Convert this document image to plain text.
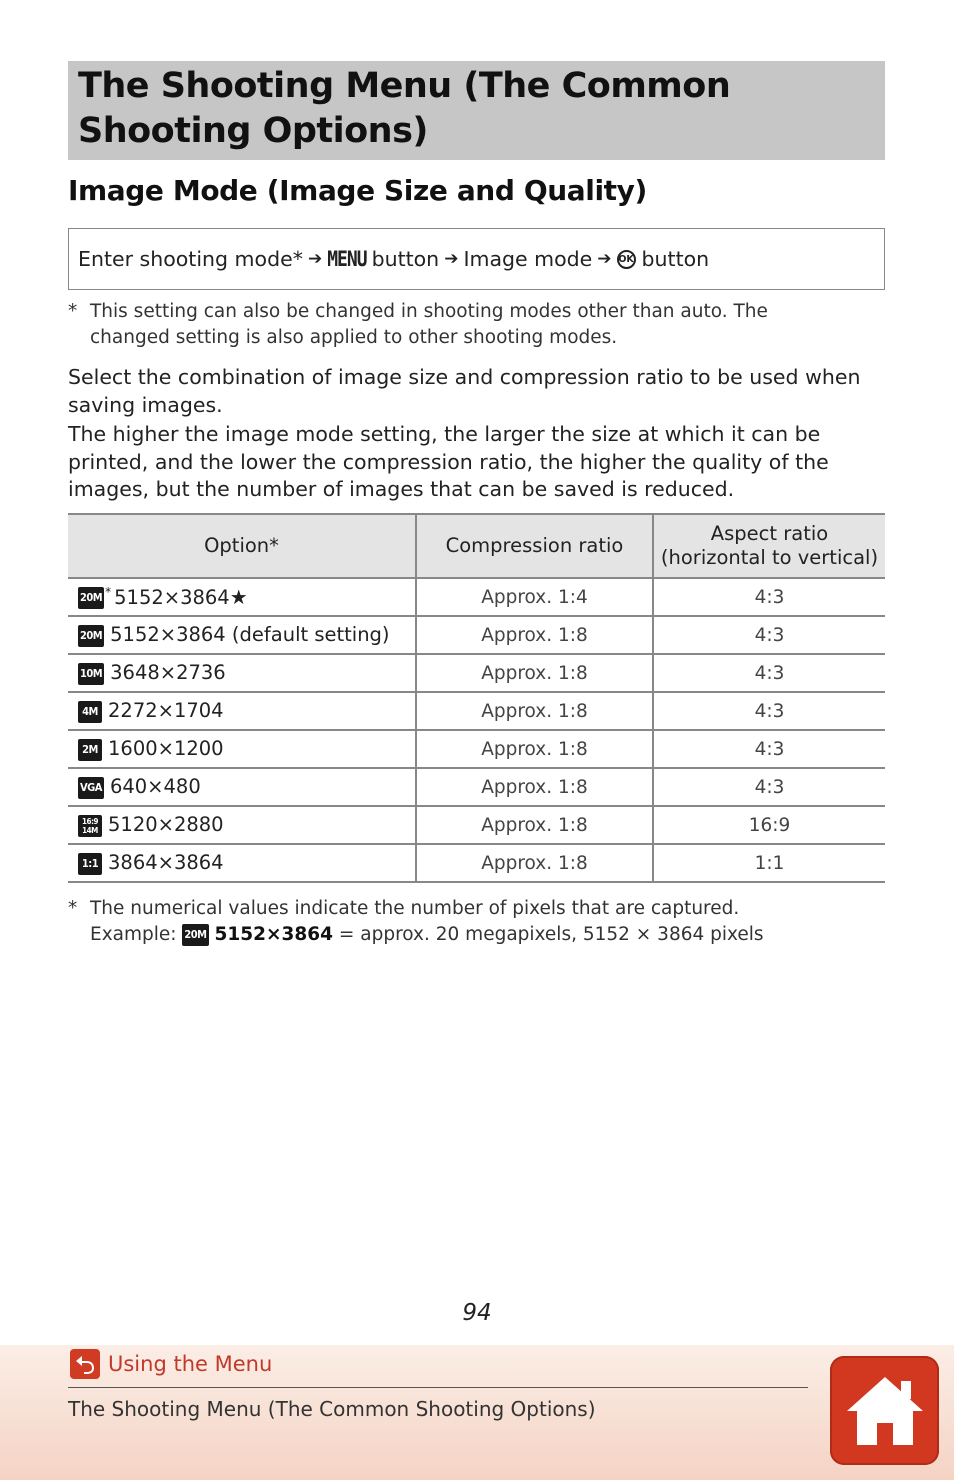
The Shooting Menu (The Common Shooting Options)
Image Mode (Image Size and Quality)
Enter shooting mode* ➔ MENU button ➔ Image mode ➔ OK button
* This setting can also be changed in shooting modes other than auto. The changed setting is also applied to other shooting modes.

Select the combination of image size and compression ratio to be used when saving images.

The higher the image mode setting, the larger the size at which it can be printed, and the lower the compression ratio, the higher the quality of the images, but the number of images that can be saved is reduced.

Option*	Compression ratio	Aspect ratio
(horizontal to vertical)
20M * 5152×3864★	Approx. 1:4	4:3
20M 5152×3864 (default setting)	Approx. 1:8	4:3
10M 3648×2736	Approx. 1:8	4:3
4M 2272×1704	Approx. 1:8	4:3
2M 1600×1200	Approx. 1:8	4:3
VGA 640×480	Approx. 1:8	4:3

16:9
14M 5120×2880	Approx. 1:8	16:9
1:1 3864×3864	Approx. 1:8	1:1
* The numerical values indicate the number of pixels that are captured.
Example: 20M 5152×3864 = approx. 20 megapixels, 5152 × 3864 pixels
94
Using the Menu
The Shooting Menu (The Common Shooting Options)
